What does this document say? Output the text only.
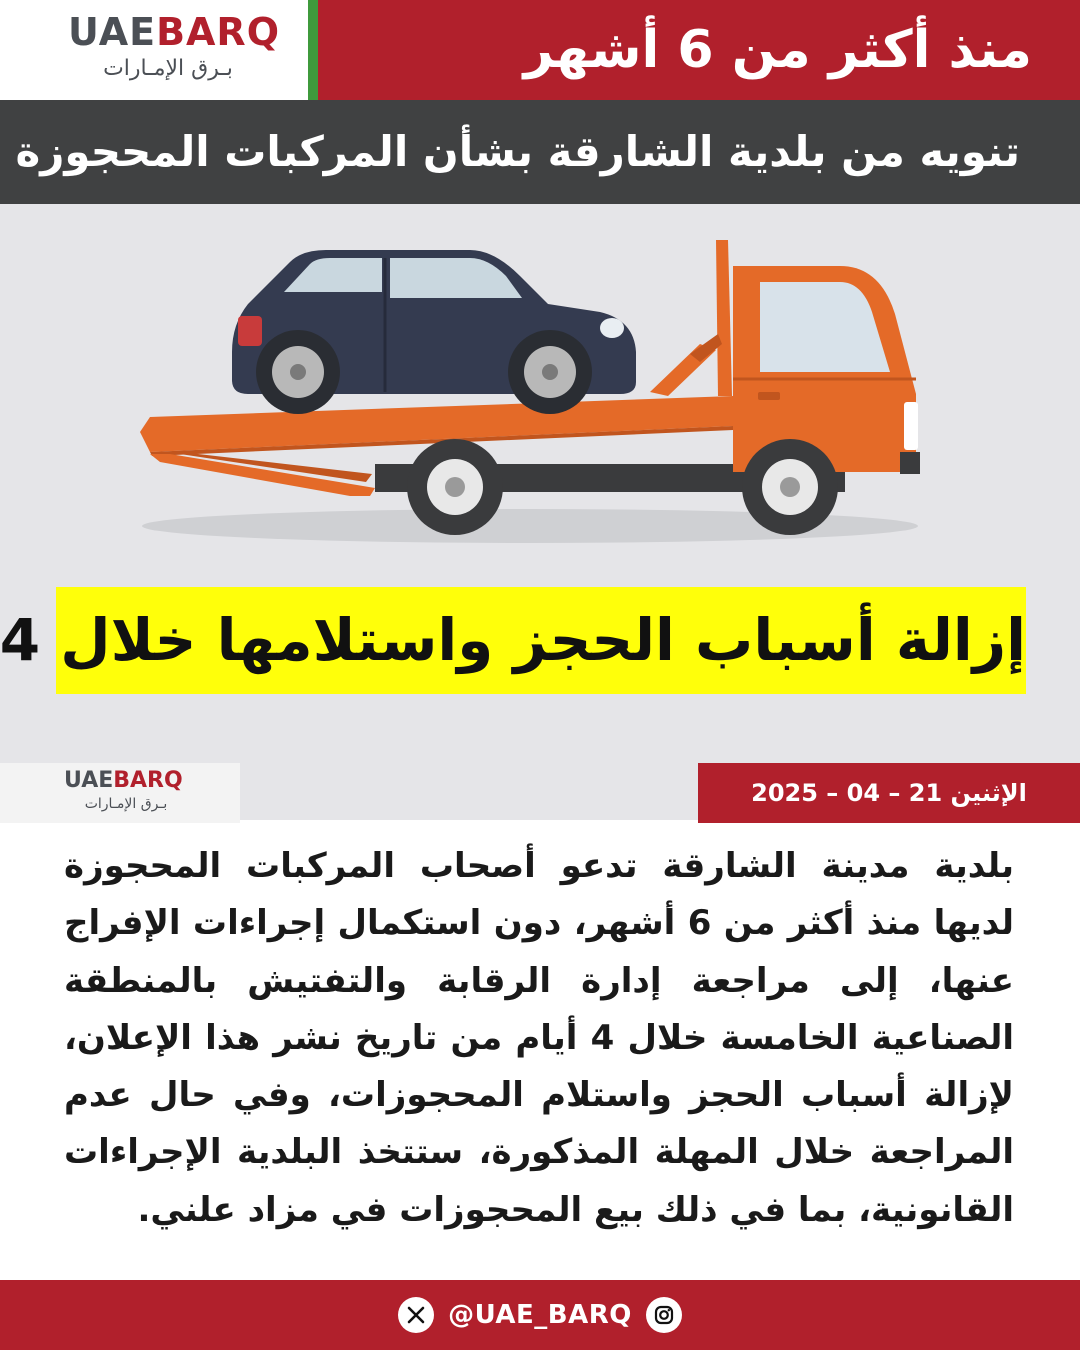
UAEBARQ
بـرق الإمـارات	منذ أكثر من 6 أشهر
تنويه من بلدية الشارقة بشأن المركبات المحجوزة
إزالة أسباب الحجز واستلامها خلال 4
UAEBARQ
بـرق الإمـارات	الإثنين 21 – 04 – 2025
بلدية مدينة الشارقة تدعو أصحاب المركبات المحجوزة لديها منذ أكثر من 6 أشهر، دون استكمال إجراءات الإفراج عنها، إلى مراجعة إدارة الرقابة والتفتيش بالمنطقة الصناعية الخامسة خلال 4 أيام من تاريخ نشر هذا الإعلان، لإزالة أسباب الحجز واستلام المحجوزات، وفي حال عدم المراجعة خلال المهلة المذكورة، ستتخذ البلدية الإجراءات القانونية، بما في ذلك بيع المحجوزات في مزاد علني.
@UAE_BARQ
